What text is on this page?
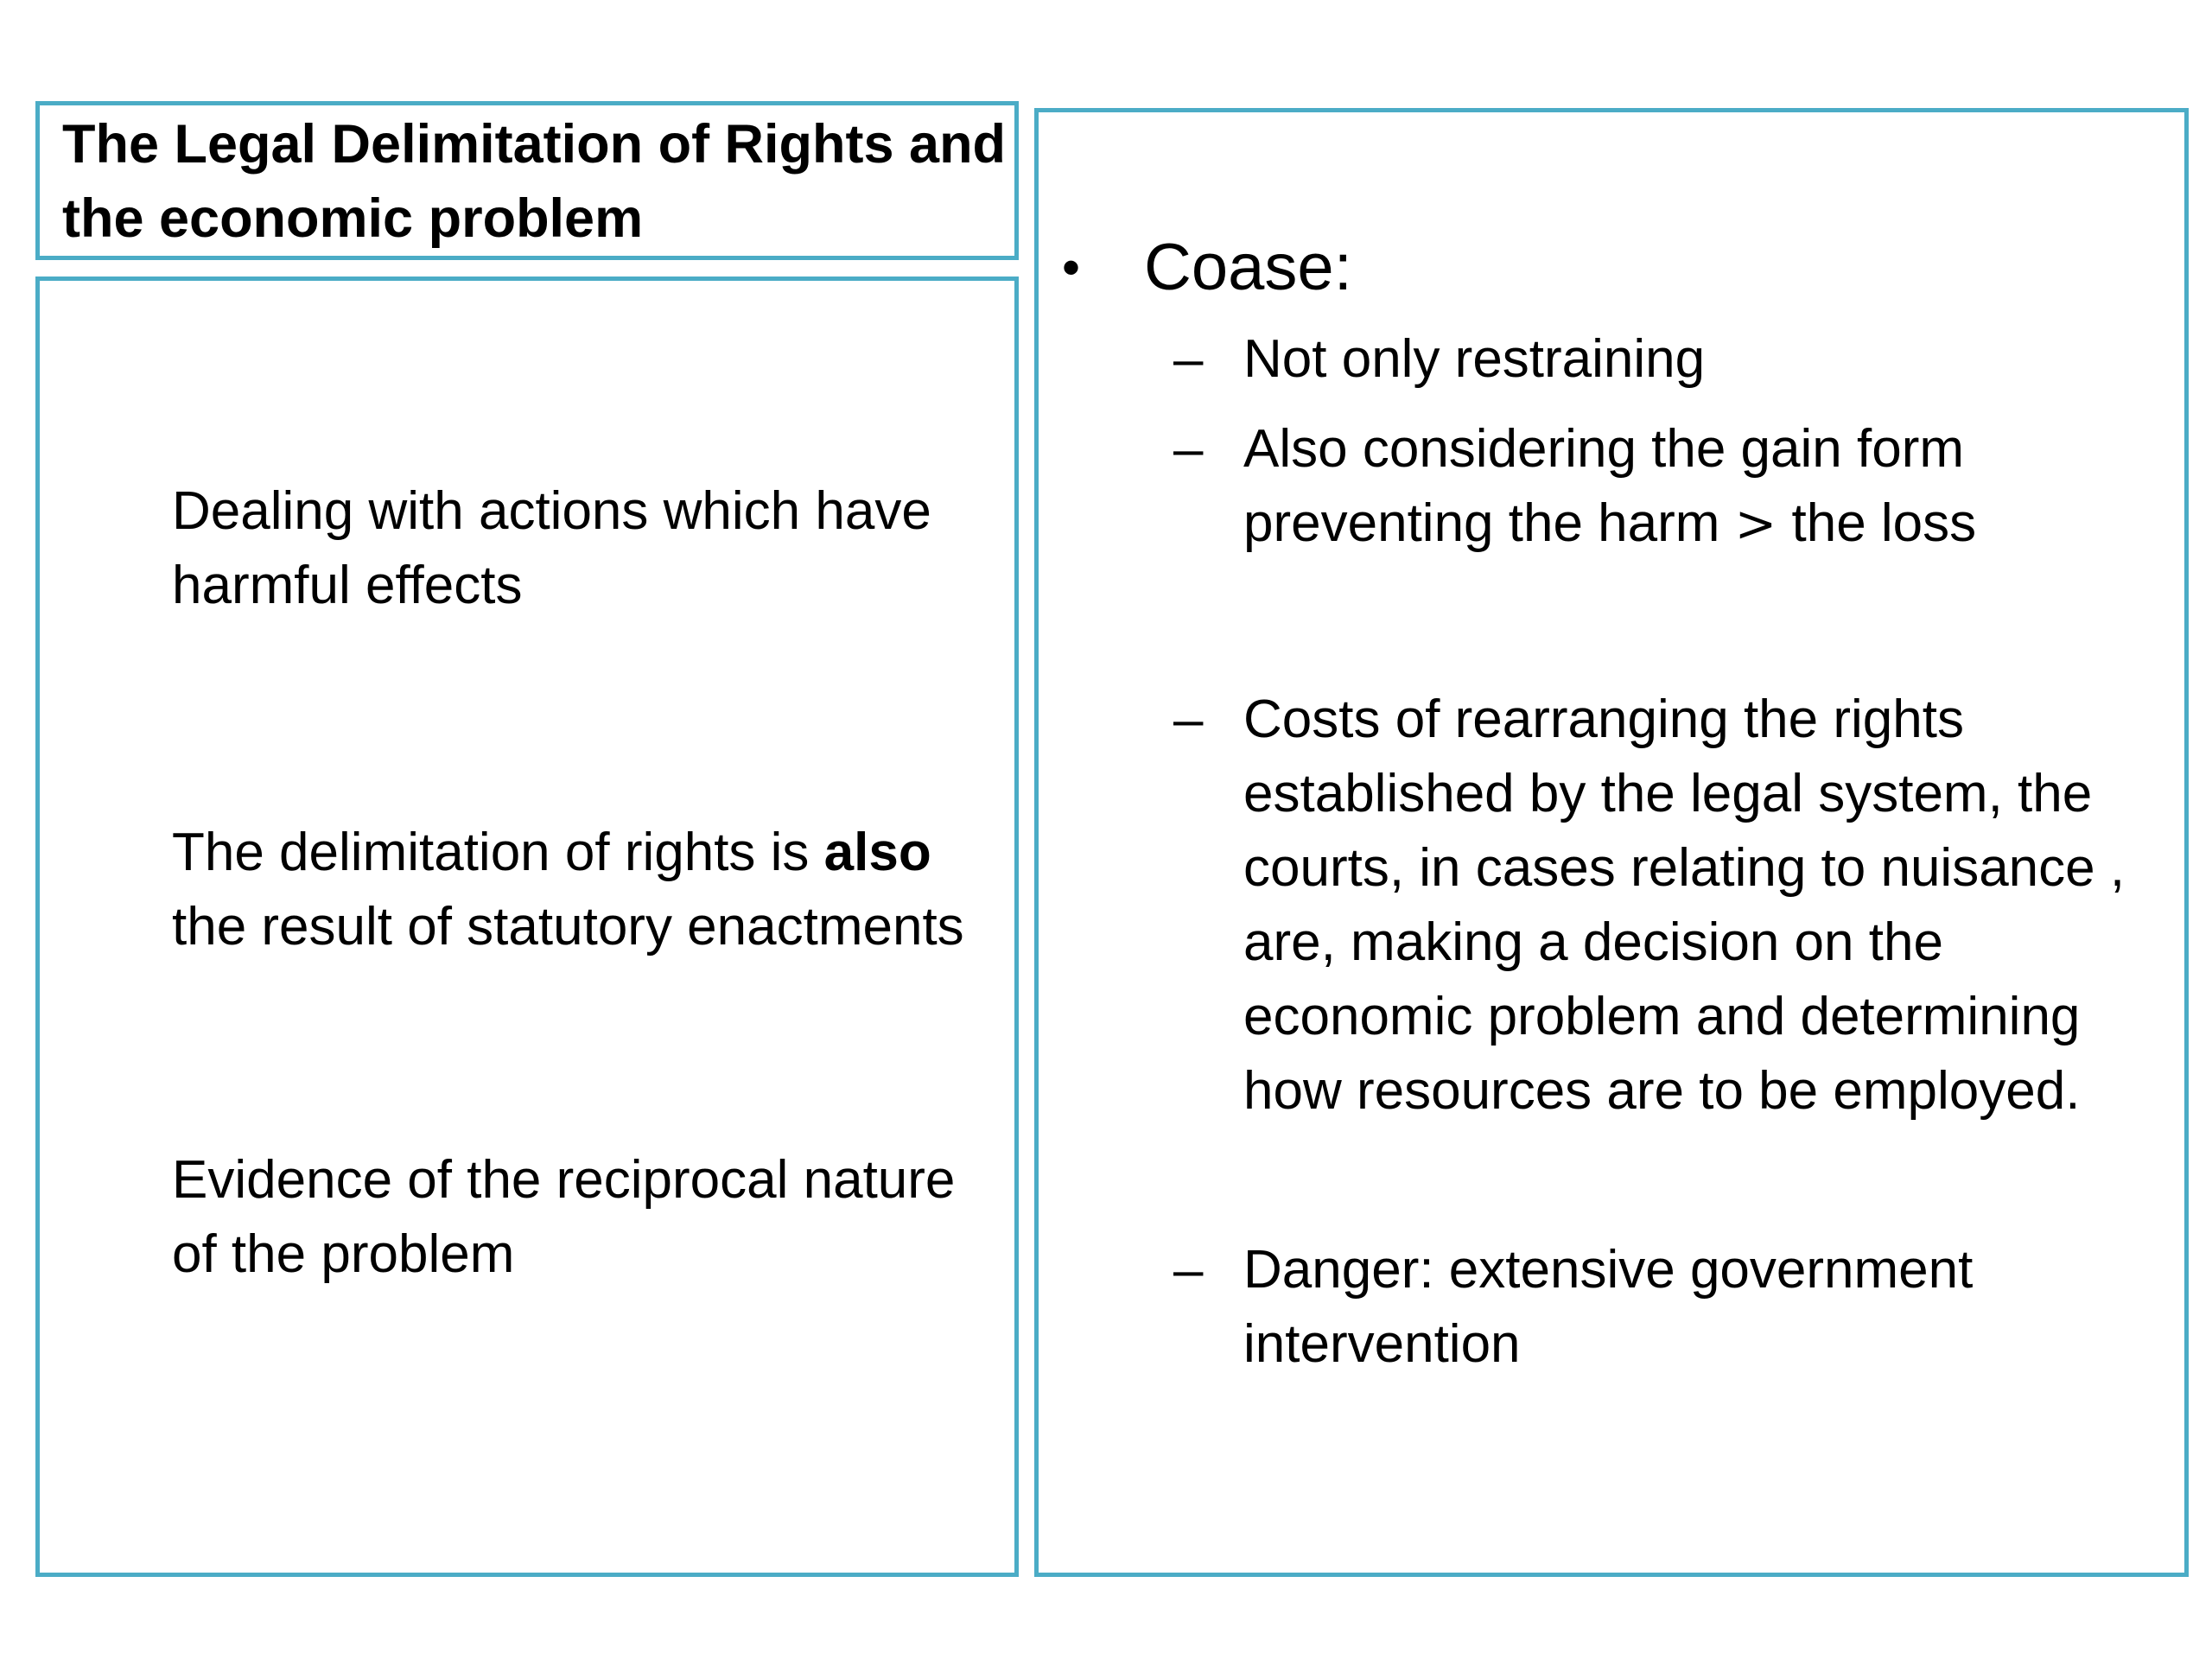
The Legal Delimitation of Rights and
the economic problem
Dealing with actions which have harmful effects
The delimitation of rights is also the result of statutory enactments
Evidence of the reciprocal nature of the problem
• Coase:
– Not only restraining
– Also considering the gain form preventing the harm > the loss
– Costs of rearranging the rights established by the legal system, the courts, in cases relating to nuisance , are, making a decision on the economic problem and determining how resources are to be employed.
– Danger: extensive government intervention
